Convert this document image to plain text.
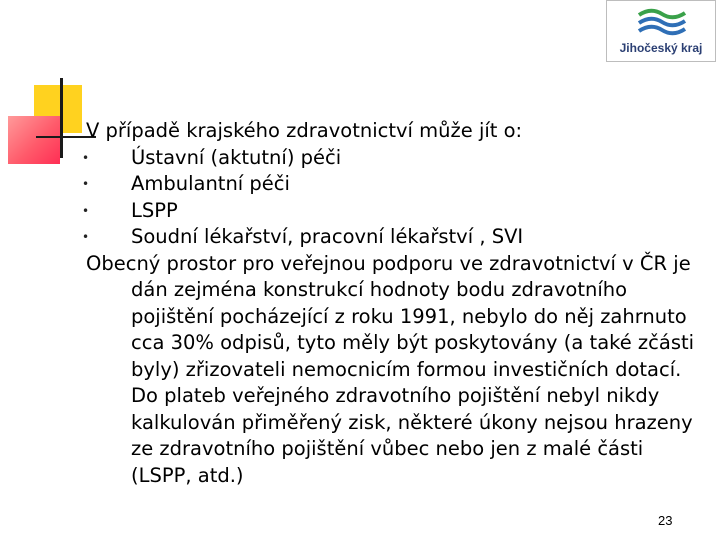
Jihočeský kraj

V případě krajského zdravotnictví může jít o:

• Ústavní (aktutní) péči
• Ambulantní péči
• LSPP
• Soudní lékařství, pracovní lékařství , SVI

Obecný prostor pro veřejnou podporu ve zdravotnictví v ČR je dán zejména konstrukcí hodnoty bodu zdravotního pojištění pocházející z roku 1991, nebylo do něj zahrnuto cca 30% odpisů, tyto měly být poskytovány (a také zčásti byly) zřizovateli nemocnicím formou investičních dotací. Do plateb veřejného zdravotního pojištění nebyl nikdy kalkulován přiměřený zisk, některé úkony nejsou hrazeny ze zdravotního pojištění vůbec nebo jen z malé části (LSPP, atd.)

23
